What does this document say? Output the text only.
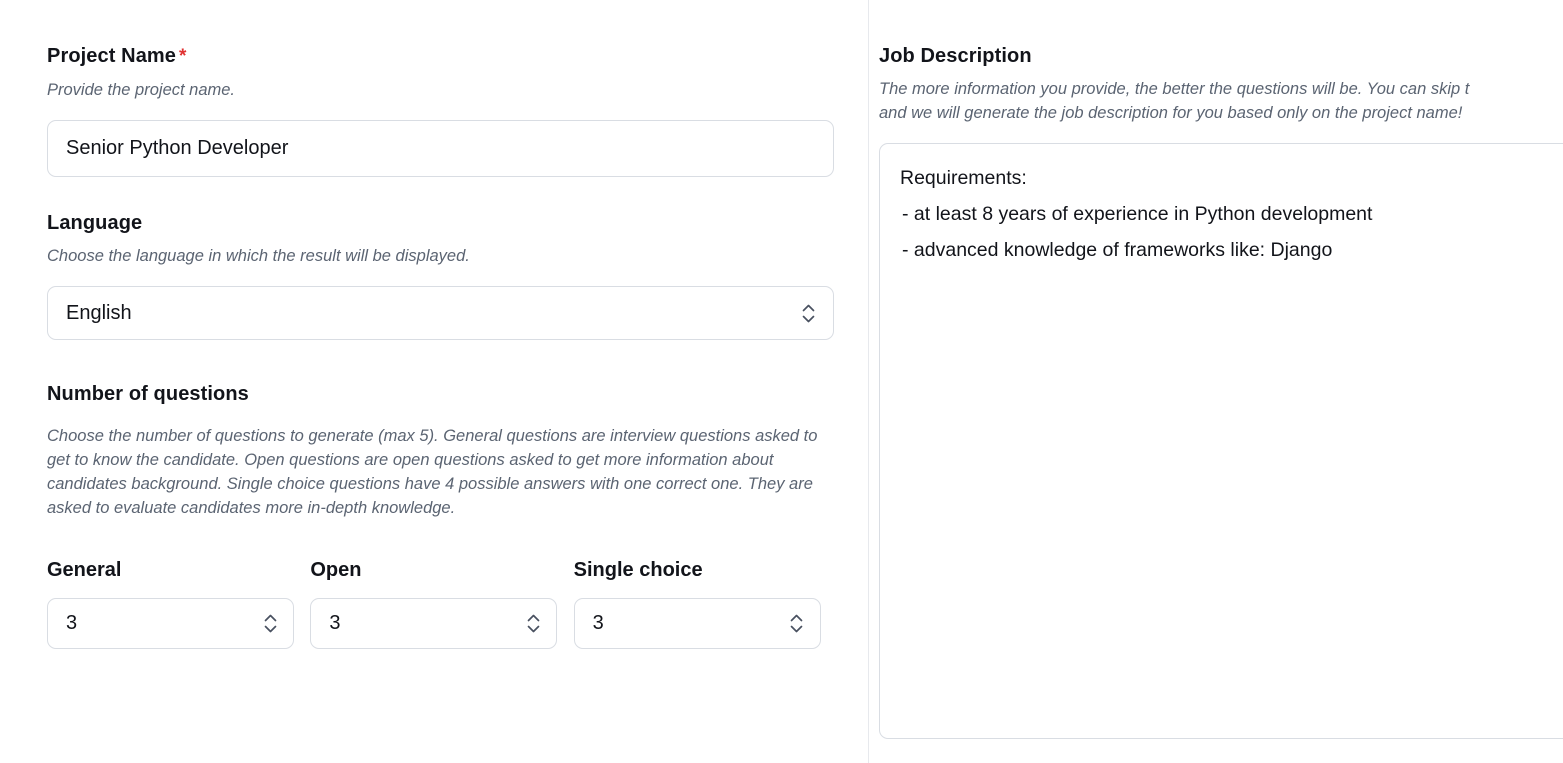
Project Name *

Provide the project name.

Senior Python Developer
Language

Choose the language in which the result will be displayed.

English
Number of questions

Choose the number of questions to generate (max 5). General questions are interview questions asked to get to know the candidate. Open questions are open questions asked to get more information about candidates background. Single choice questions have 4 possible answers with one correct one. They are asked to evaluate candidates more in-depth knowledge.

General
3
Open
3
Single choice
3
Job Description

The more information you provide, the better the questions will be. You can skip t

and we will generate the job description for you based only on the project name!

Requirements:
- at least 8 years of experience in Python development
- advanced knowledge of frameworks like: Django
